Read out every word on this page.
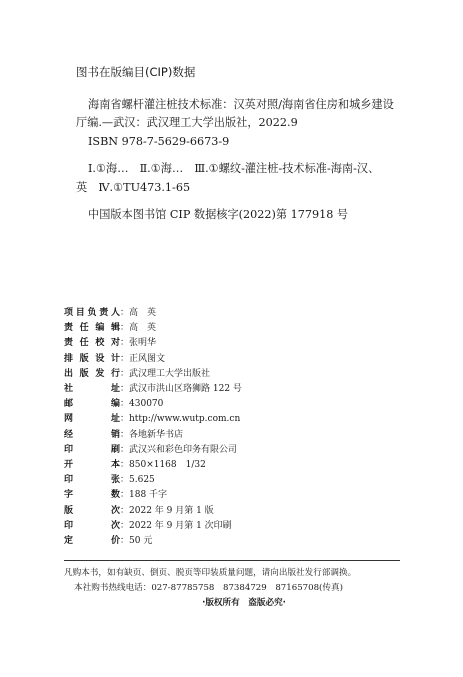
图书在版编目(CIP)数据
海南省螺杆灌注桩技术标准：汉英对照/海南省住房和城乡建设
厅编.—武汉：武汉理工大学出版社，2022.9
ISBN 978-7-5629-6673-9
Ⅰ.①海…　Ⅱ.①海…　Ⅲ.①螺纹-灌注桩-技术标准-海南-汉、
英　Ⅳ.①TU473.1-65
中国版本图书馆 CIP 数据核字(2022)第 177918 号
项 目 负 责 人 ： 高　英
责 任 编 辑 ： 高　英
责 任 校 对 ： 张明华
排 版 设 计 ： 正风图文
出 版 发 行 ： 武汉理工大学出版社
社	址 ： 武汉市洪山区珞狮路 122 号
邮	编 ： 430070
网	址 ： http://www.wutp.com.cn
经	销 ： 各地新华书店
印	刷 ： 武汉兴和彩色印务有限公司
开	本 ： 850×1168　1/32
印	张 ： 5.625
字	数 ： 188 千字
版	次 ： 2022 年 9 月第 1 版
印	次 ： 2022 年 9 月第 1 次印刷
定	价 ： 50 元
凡购本书，如有缺页、倒页、脱页等印装质量问题，请向出版社发行部调换。
本社购书热线电话：027-87785758　87384729　87165708(传真)
·版权所有　盗版必究·
